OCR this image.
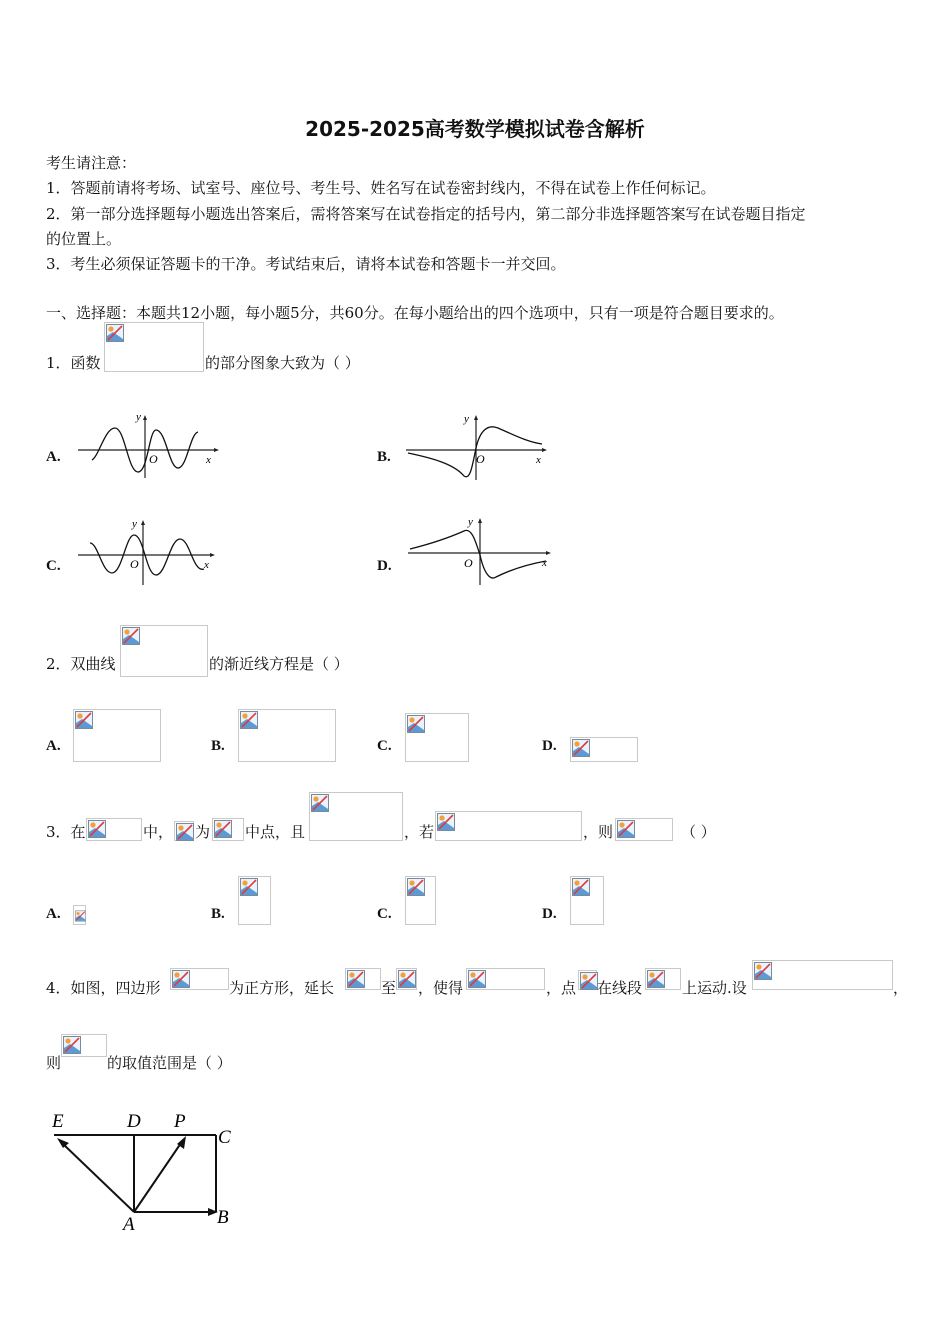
2025-2025高考数学模拟试卷含解析
考生请注意：
1．答题前请将考场、试室号、座位号、考生号、姓名写在试卷密封线内，不得在试卷上作任何标记。
2．第一部分选择题每小题选出答案后，需将答案写在试卷指定的括号内，第二部分非选择题答案写在试卷题目指定
的位置上。
3．考生必须保证答题卡的干净。考试结束后，请将本试卷和答题卡一并交回。
一、选择题：本题共12小题，每小题5分，共60分。在每小题给出的四个选项中，只有一项是符合题目要求的。
1．函数	的部分图象大致为（ ）
A.
y
O	x	B.
y
O	x
C.
y
O	x	D.
y
O	x
2．双曲线	的渐近线方程是（ ）
A.	B.	C.	D.
3．在	中， 为 中点，且	，若	，则	（ ）
A.	B.	C.	D.
4．如图，四边形	为正方形，延长	至 ，使得	，点 在线段	上运动.设	，
则	的取值范围是（ ）
E	D P
C
A	B
